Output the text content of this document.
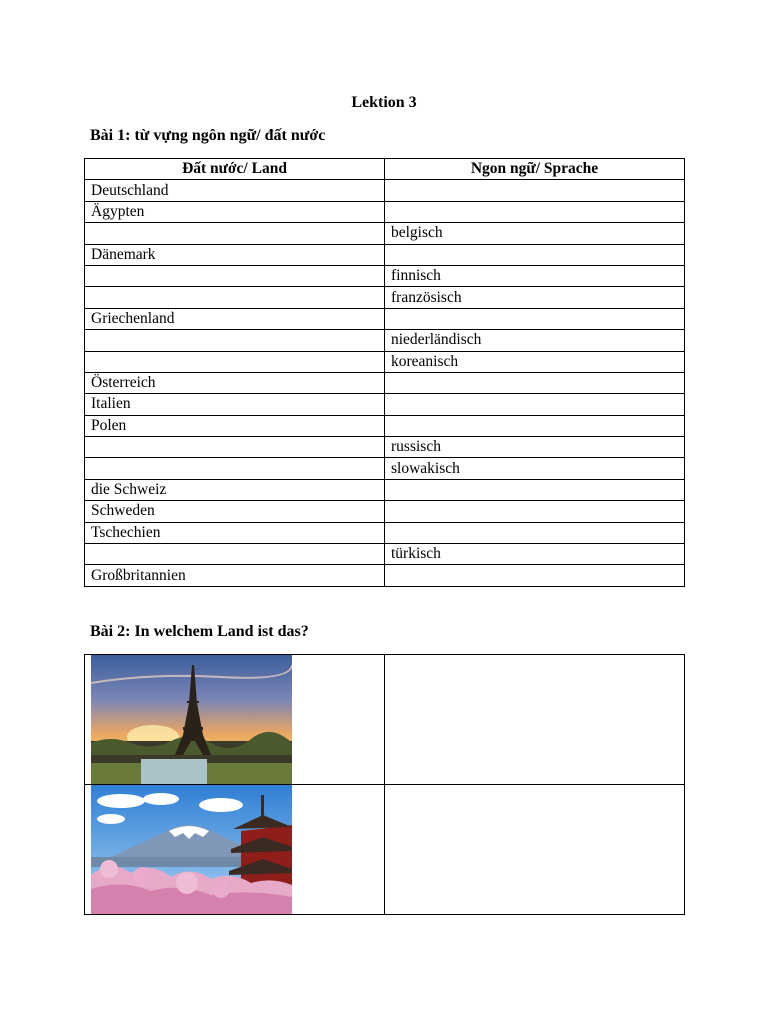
Lektion 3
Bài 1: từ vựng ngôn ngữ/ đất nước
Đất nước/ Land	Ngon ngữ/ Sprache
Deutschland	
Ägypten	
	belgisch
Dänemark	
	finnisch
	französisch
Griechenland	
	niederländisch
	koreanisch
Österreich	
Italien	
Polen	
	russisch
	slowakisch
die Schweiz	
Schweden	
Tschechien	
	türkisch
Großbritannien	
Bài 2: In welchem Land ist das?
